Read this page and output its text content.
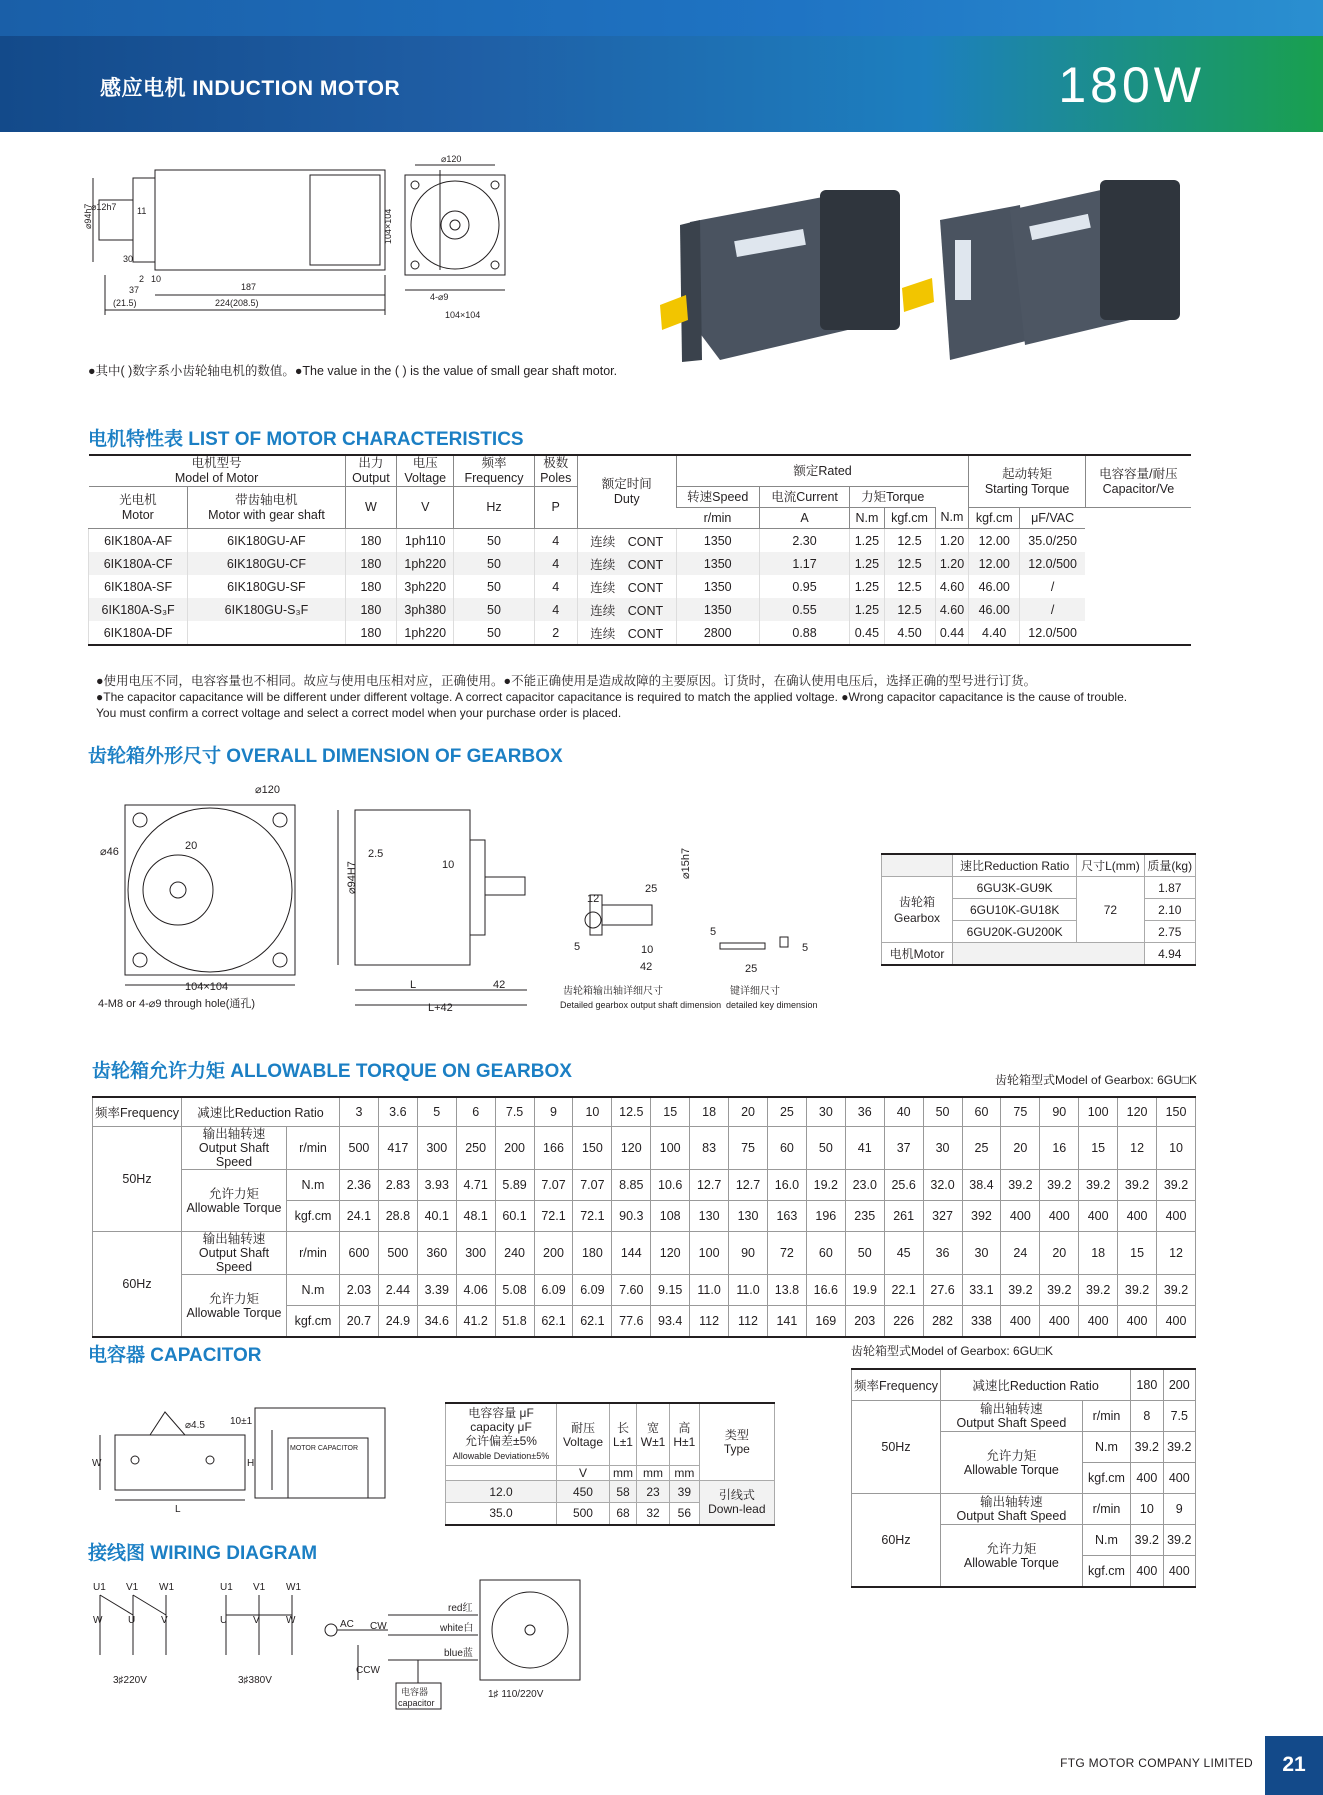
感应电机 INDUCTION MOTOR	180W
⌀94h7
⌀12h7 11
30
2 10
37
(21.5)
187
224(208.5)
⌀120
104×104
4-⌀9
104×104
●其中( )数字系小齿轮轴电机的数值。●The value in the ( ) is the value of small gear shaft motor.
电机特性表 LIST OF MOTOR CHARACTERISTICS
电机型号
Model of Motor		出力
Output	电压
Voltage	频率
Frequency	极数
Poles	额定时间
Duty	额定Rated					起动转矩
Starting Torque		电容容量/耐压
Capacitor/Ve
光电机
Motor	带齿轴电机
Motor with gear shaft	W	V	Hz	P		转速Speed	电流Current	力矩Torque					
							r/min	A	N.m	kgf.cm	N.m	kgf.cm	μF/VAC	
6IK180A-AF	6IK180GU-AF	180	1ph110	50	4	连续　CONT	1350	2.30	1.25	12.5	1.20	12.00	35.0/250	
6IK180A-CF	6IK180GU-CF	180	1ph220	50	4	连续　CONT	1350	1.17	1.25	12.5	1.20	12.00	12.0/500	
6IK180A-SF	6IK180GU-SF	180	3ph220	50	4	连续　CONT	1350	0.95	1.25	12.5	4.60	46.00	/	
6IK180A-S₃F	6IK180GU-S₃F	180	3ph380	50	4	连续　CONT	1350	0.55	1.25	12.5	4.60	46.00	/	
6IK180A-DF		180	1ph220	50	2	连续　CONT	2800	0.88	0.45	4.50	0.44	4.40	12.0/500	
●使用电压不同，电容容量也不相同。故应与使用电压相对应，正确使用。●不能正确使用是造成故障的主要原因。订货时，在确认使用电压后，选择正确的型号进行订货。
●The capacitor capacitance will be different under different voltage. A correct capacitor capacitance is required to match the applied voltage. ●Wrong capacitor capacitance is the cause of trouble.
You must confirm a correct voltage and select a correct model when your purchase order is placed.
齿轮箱外形尺寸 OVERALL DIMENSION OF GEARBOX
⌀120
⌀46	20
104×104
4-M8 or 4-⌀9 through hole(通孔)
⌀94H7
2.5
10
L	42
L+42
12
25
⌀15h7
5	10
42
齿轮箱输出轴详细尺寸
Detailed gearbox output shaft dimension
5
25
5
键详细尺寸
detailed key dimension
	速比Reduction Ratio	尺寸L(mm)	质量(kg)
齿轮箱
Gearbox	6GU3K-GU9K	72	1.87
	6GU10K-GU18K		2.10
	6GU20K-GU200K		2.75
电机Motor			4.94
齿轮箱允许力矩 ALLOWABLE TORQUE ON GEARBOX	齿轮箱型式Model of Gearbox: 6GU□K
频率Frequency	减速比Reduction Ratio		3	3.6	5	6	7.5	9	10	12.5	15	18	20	25	30	36	40	50	60	75	90	100	120	150
50Hz	输出轴转速
Output Shaft Speed	r/min	500	417	300	250	200	166	150	120	100	83	75	60	50	41	37	30	25	20	16	15	12	10
	允许力矩
Allowable Torque	N.m	2.36	2.83	3.93	4.71	5.89	7.07	7.07	8.85	10.6	12.7	12.7	16.0	19.2	23.0	25.6	32.0	38.4	39.2	39.2	39.2	39.2	39.2
		kgf.cm	24.1	28.8	40.1	48.1	60.1	72.1	72.1	90.3	108	130	130	163	196	235	261	327	392	400	400	400	400	400
60Hz	输出轴转速
Output Shaft Speed	r/min	600	500	360	300	240	200	180	144	120	100	90	72	60	50	45	36	30	24	20	18	15	12
	允许力矩
Allowable Torque	N.m	2.03	2.44	3.39	4.06	5.08	6.09	6.09	7.60	9.15	11.0	11.0	13.8	16.6	19.9	22.1	27.6	33.1	39.2	39.2	39.2	39.2	39.2
		kgf.cm	20.7	24.9	34.6	41.2	51.8	62.1	62.1	77.6	93.4	112	112	141	169	203	226	282	338	400	400	400	400	400
电容器 CAPACITOR
⌀4.5	10±1
W
L
H
MOTOR CAPACITOR
电容容量 μF
capacity μF
允许偏差±5%
Allowable Deviation±5%	耐压
Voltage	长
L±1	宽
W±1	高
H±1	类型
Type
	V	mm	mm	mm	
12.0	450	58	23	39	引线式
Down-lead
35.0	500	68	32	56	
齿轮箱型式Model of Gearbox: 6GU□K
频率Frequency	减速比Reduction Ratio		180	200
50Hz	输出轴转速
Output Shaft Speed	r/min	8	7.5
	允许力矩
Allowable Torque	N.m	39.2	39.2
		kgf.cm	400	400
60Hz	输出轴转速
Output Shaft Speed	r/min	10	9
	允许力矩
Allowable Torque	N.m	39.2	39.2
		kgf.cm	400	400
接线图 WIRING DIAGRAM
U1 V1 W1
W	U	V
3♯220V
U1 V1 W1
U	V	W
3♯380V
AC CW
CCW
red红
white白
blue蓝
电容器
capacitor
1♯ 110/220V
FTG MOTOR COMPANY LIMITED	21
